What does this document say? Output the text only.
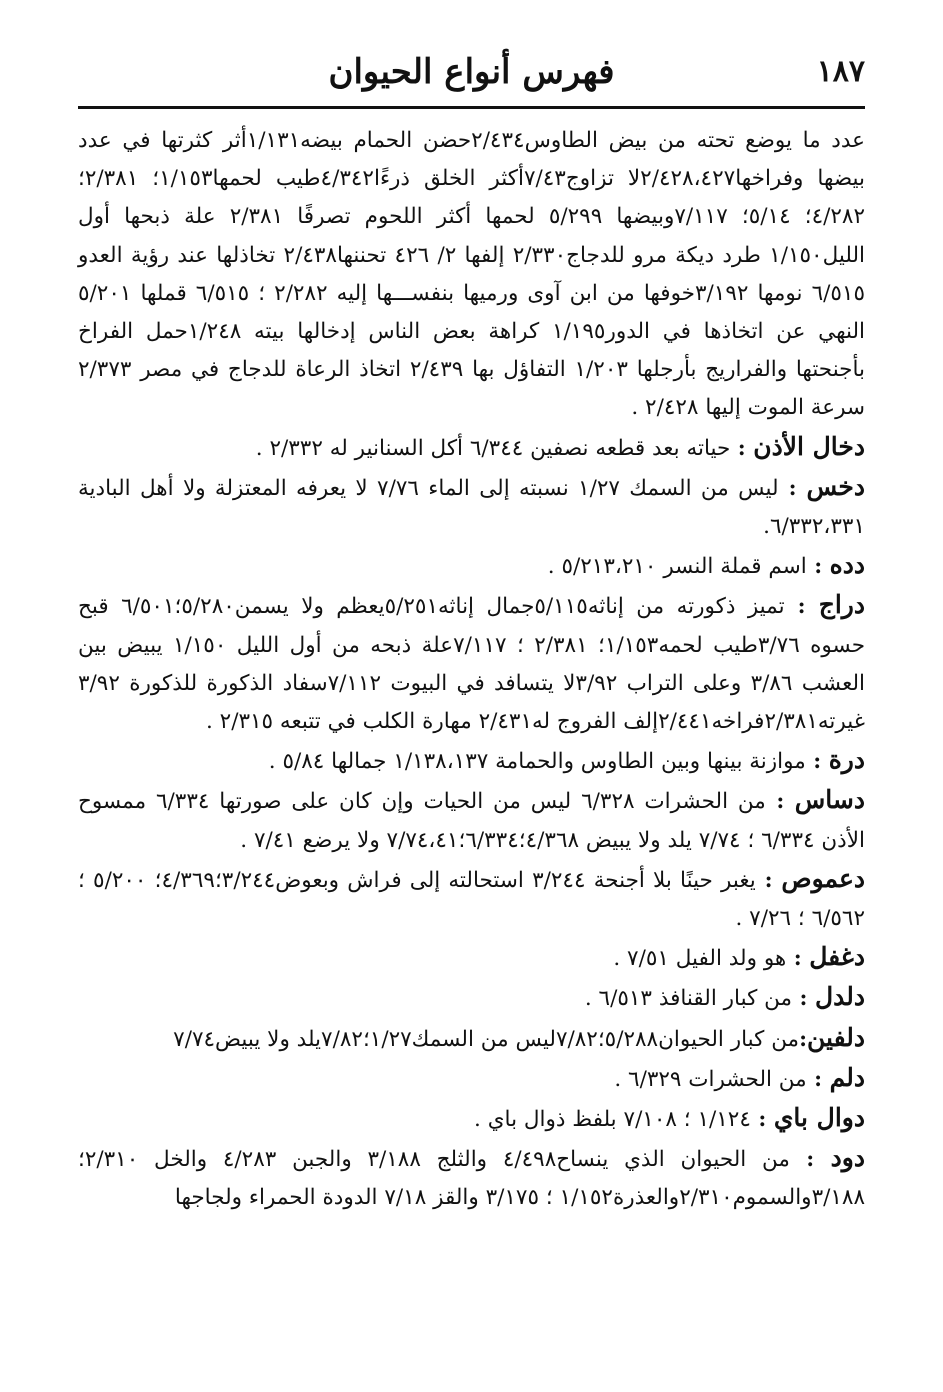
١٨٧
فهرس أنواع الحيوان

عدد ما يوضع تحته من بيض الطاوس٢/٤٣٤حضن الحمام بيضه١/١٣١أثر كثرتها في عدد بيضها وفراخها٢/٤٢٨،٤٢٧لا تزاوج٧/٤٣أكثر الخلق ذرءًا٤/٣٤٢طيب لحمها١/١٥٣؛ ٢/٣٨١؛ ٤/٢٨٢؛ ٥/١٤؛ ٧/١١٧وبيضها ٥/٢٩٩ لحمها أكثر اللحوم تصرفًا ٢/٣٨١ علة ذبحها أول الليل١/١٥٠ طرد ديكة مرو للدجاج٢/٣٣٠ إلفها ٢/ ٤٢٦ تحننها٢/٤٣٨ تخاذلها عند رؤية العدو ٦/٥١٥ نومها ٣/١٩٢خوفها من ابن آوى ورميها بنفســـها إليه ٢/٢٨٢ ؛ ٦/٥١٥ قملها ٥/٢٠١ النهي عن اتخاذها في الدور١/١٩٥ كراهة بعض الناس إدخالها بيته ١/٢٤٨حمل الفراخ بأجنحتها والفراريج بأرجلها ١/٢٠٣ التفاؤل بها ٢/٤٣٩ اتخاذ الرعاة للدجاج في مصر ٢/٣٧٣ سرعة الموت إليها ٢/٤٢٨ .

دخال الأذن : حياته بعد قطعه نصفين ٦/٣٤٤ أكل السنانير له ٢/٣٣٢ .

دخس : ليس من السمك ١/٢٧ نسبته إلى الماء ٧/٧٦ لا يعرفه المعتزلة ولا أهل البادية ٦/٣٣٢،٣٣١.

دده : اسم قملة النسر ٥/٢١٣،٢١٠ .

دراج : تميز ذكورته من إناثه٥/١١٥جمال إناثه٥/٢٥١يعظم ولا يسمن٥/٢٨٠؛٦/٥٠١ قبح حسوه ٣/٧٦طيب لحمه١/١٥٣؛ ٢/٣٨١ ؛ ٧/١١٧علة ذبحه من أول الليل ١/١٥٠ يبيض بين العشب ٣/٨٦ وعلى التراب ٣/٩٢لا يتسافد في البيوت ٧/١١٢سفاد الذكورة للذكورة ٣/٩٢ غيرته٢/٣٨١فراخه٢/٤٤١إلف الفروج له٢/٤٣١ مهارة الكلب في تتبعه ٢/٣١٥ .

درة : موازنة بينها وبين الطاوس والحمامة ١/١٣٨،١٣٧ جمالها ٥/٨٤ .

دساس : من الحشرات ٦/٣٢٨ ليس من الحيات وإن كان على صورتها ٦/٣٣٤ ممسوح الأذن ٦/٣٣٤ ؛ ٧/٧٤ يلد ولا يبيض ٤/٣٦٨؛٦/٣٣٤؛٧/٧٤،٤١ ولا يرضع ٧/٤١ .

دعموص : يغبر حينًا بلا أجنحة ٣/٢٤٤ استحالته إلى فراش وبعوض٣/٢٤٤؛٤/٣٦٩؛ ٥/٢٠٠ ؛ ٦/٥٦٢ ؛ ٧/٢٦ .

دغفل : هو ولد الفيل ٧/٥١ .

دلدل : من كبار القنافذ ٦/٥١٣ .

دلفين:من كبار الحيوان٥/٢٨٨؛٧/٨٢ليس من السمك١/٢٧؛٧/٨٢يلد ولا يبيض٧/٧٤

دلم : من الحشرات ٦/٣٢٩ .

دوال باي : ١/١٢٤ ؛ ٧/١٠٨ بلفظ ذوال باي .

دود : من الحيوان الذي ينساح٤/٤٩٨ والثلج ٣/١٨٨ والجبن ٤/٢٨٣ والخل ٢/٣١٠؛ ٣/١٨٨والسموم٢/٣١٠والعذرة١/١٥٢ ؛ ٣/١٧٥ والقز ٧/١٨ الدودة الحمراء ولجاجها
